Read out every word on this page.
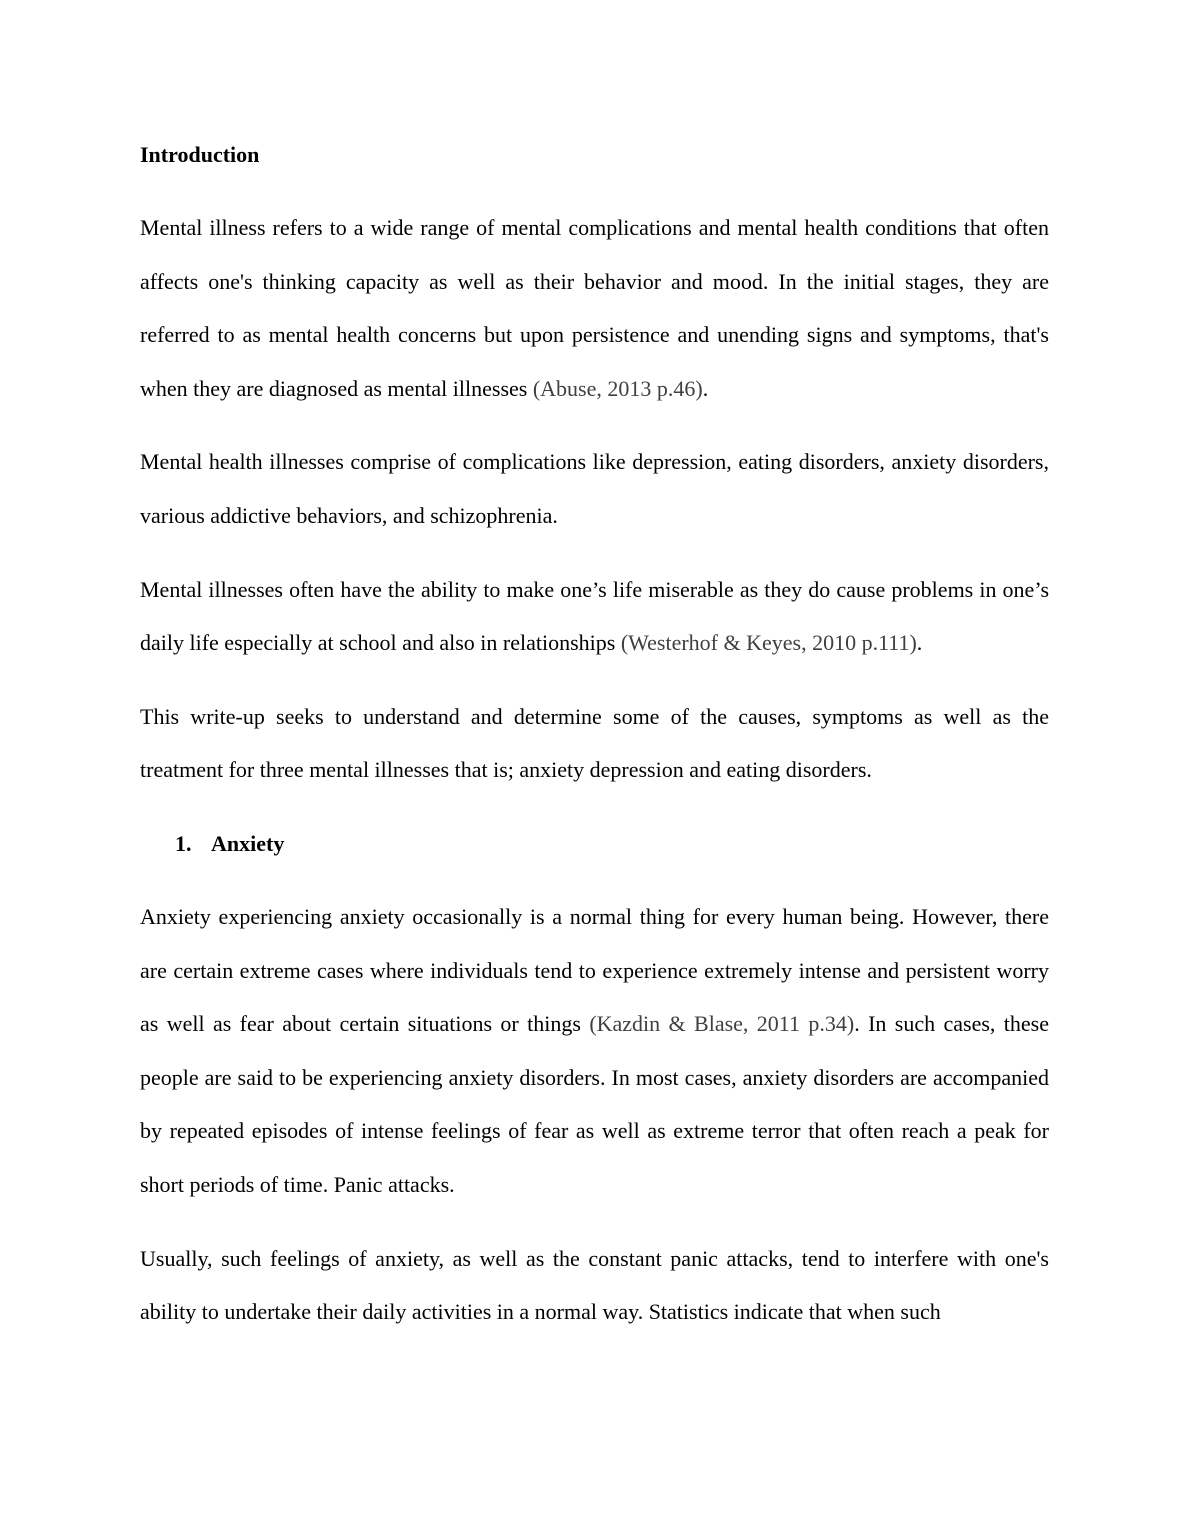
Introduction

Mental illness refers to a wide range of mental complications and mental health conditions that often affects one's thinking capacity as well as their behavior and mood. In the initial stages, they are referred to as mental health concerns but upon persistence and unending signs and symptoms, that's when they are diagnosed as mental illnesses (Abuse, 2013 p.46).

Mental health illnesses comprise of complications like depression, eating disorders, anxiety disorders, various addictive behaviors, and schizophrenia.

Mental illnesses often have the ability to make one’s life miserable as they do cause problems in one’s daily life especially at school and also in relationships (Westerhof & Keyes, 2010 p.111).

This write-up seeks to understand and determine some of the causes, symptoms as well as the treatment for three mental illnesses that is; anxiety depression and eating disorders.

1. Anxiety

Anxiety experiencing anxiety occasionally is a normal thing for every human being. However, there are certain extreme cases where individuals tend to experience extremely intense and persistent worry as well as fear about certain situations or things (Kazdin & Blase, 2011 p.34). In such cases, these people are said to be experiencing anxiety disorders. In most cases, anxiety disorders are accompanied by repeated episodes of intense feelings of fear as well as extreme terror that often reach a peak for short periods of time. Panic attacks.

Usually, such feelings of anxiety, as well as the constant panic attacks, tend to interfere with one's ability to undertake their daily activities in a normal way. Statistics indicate that when such
